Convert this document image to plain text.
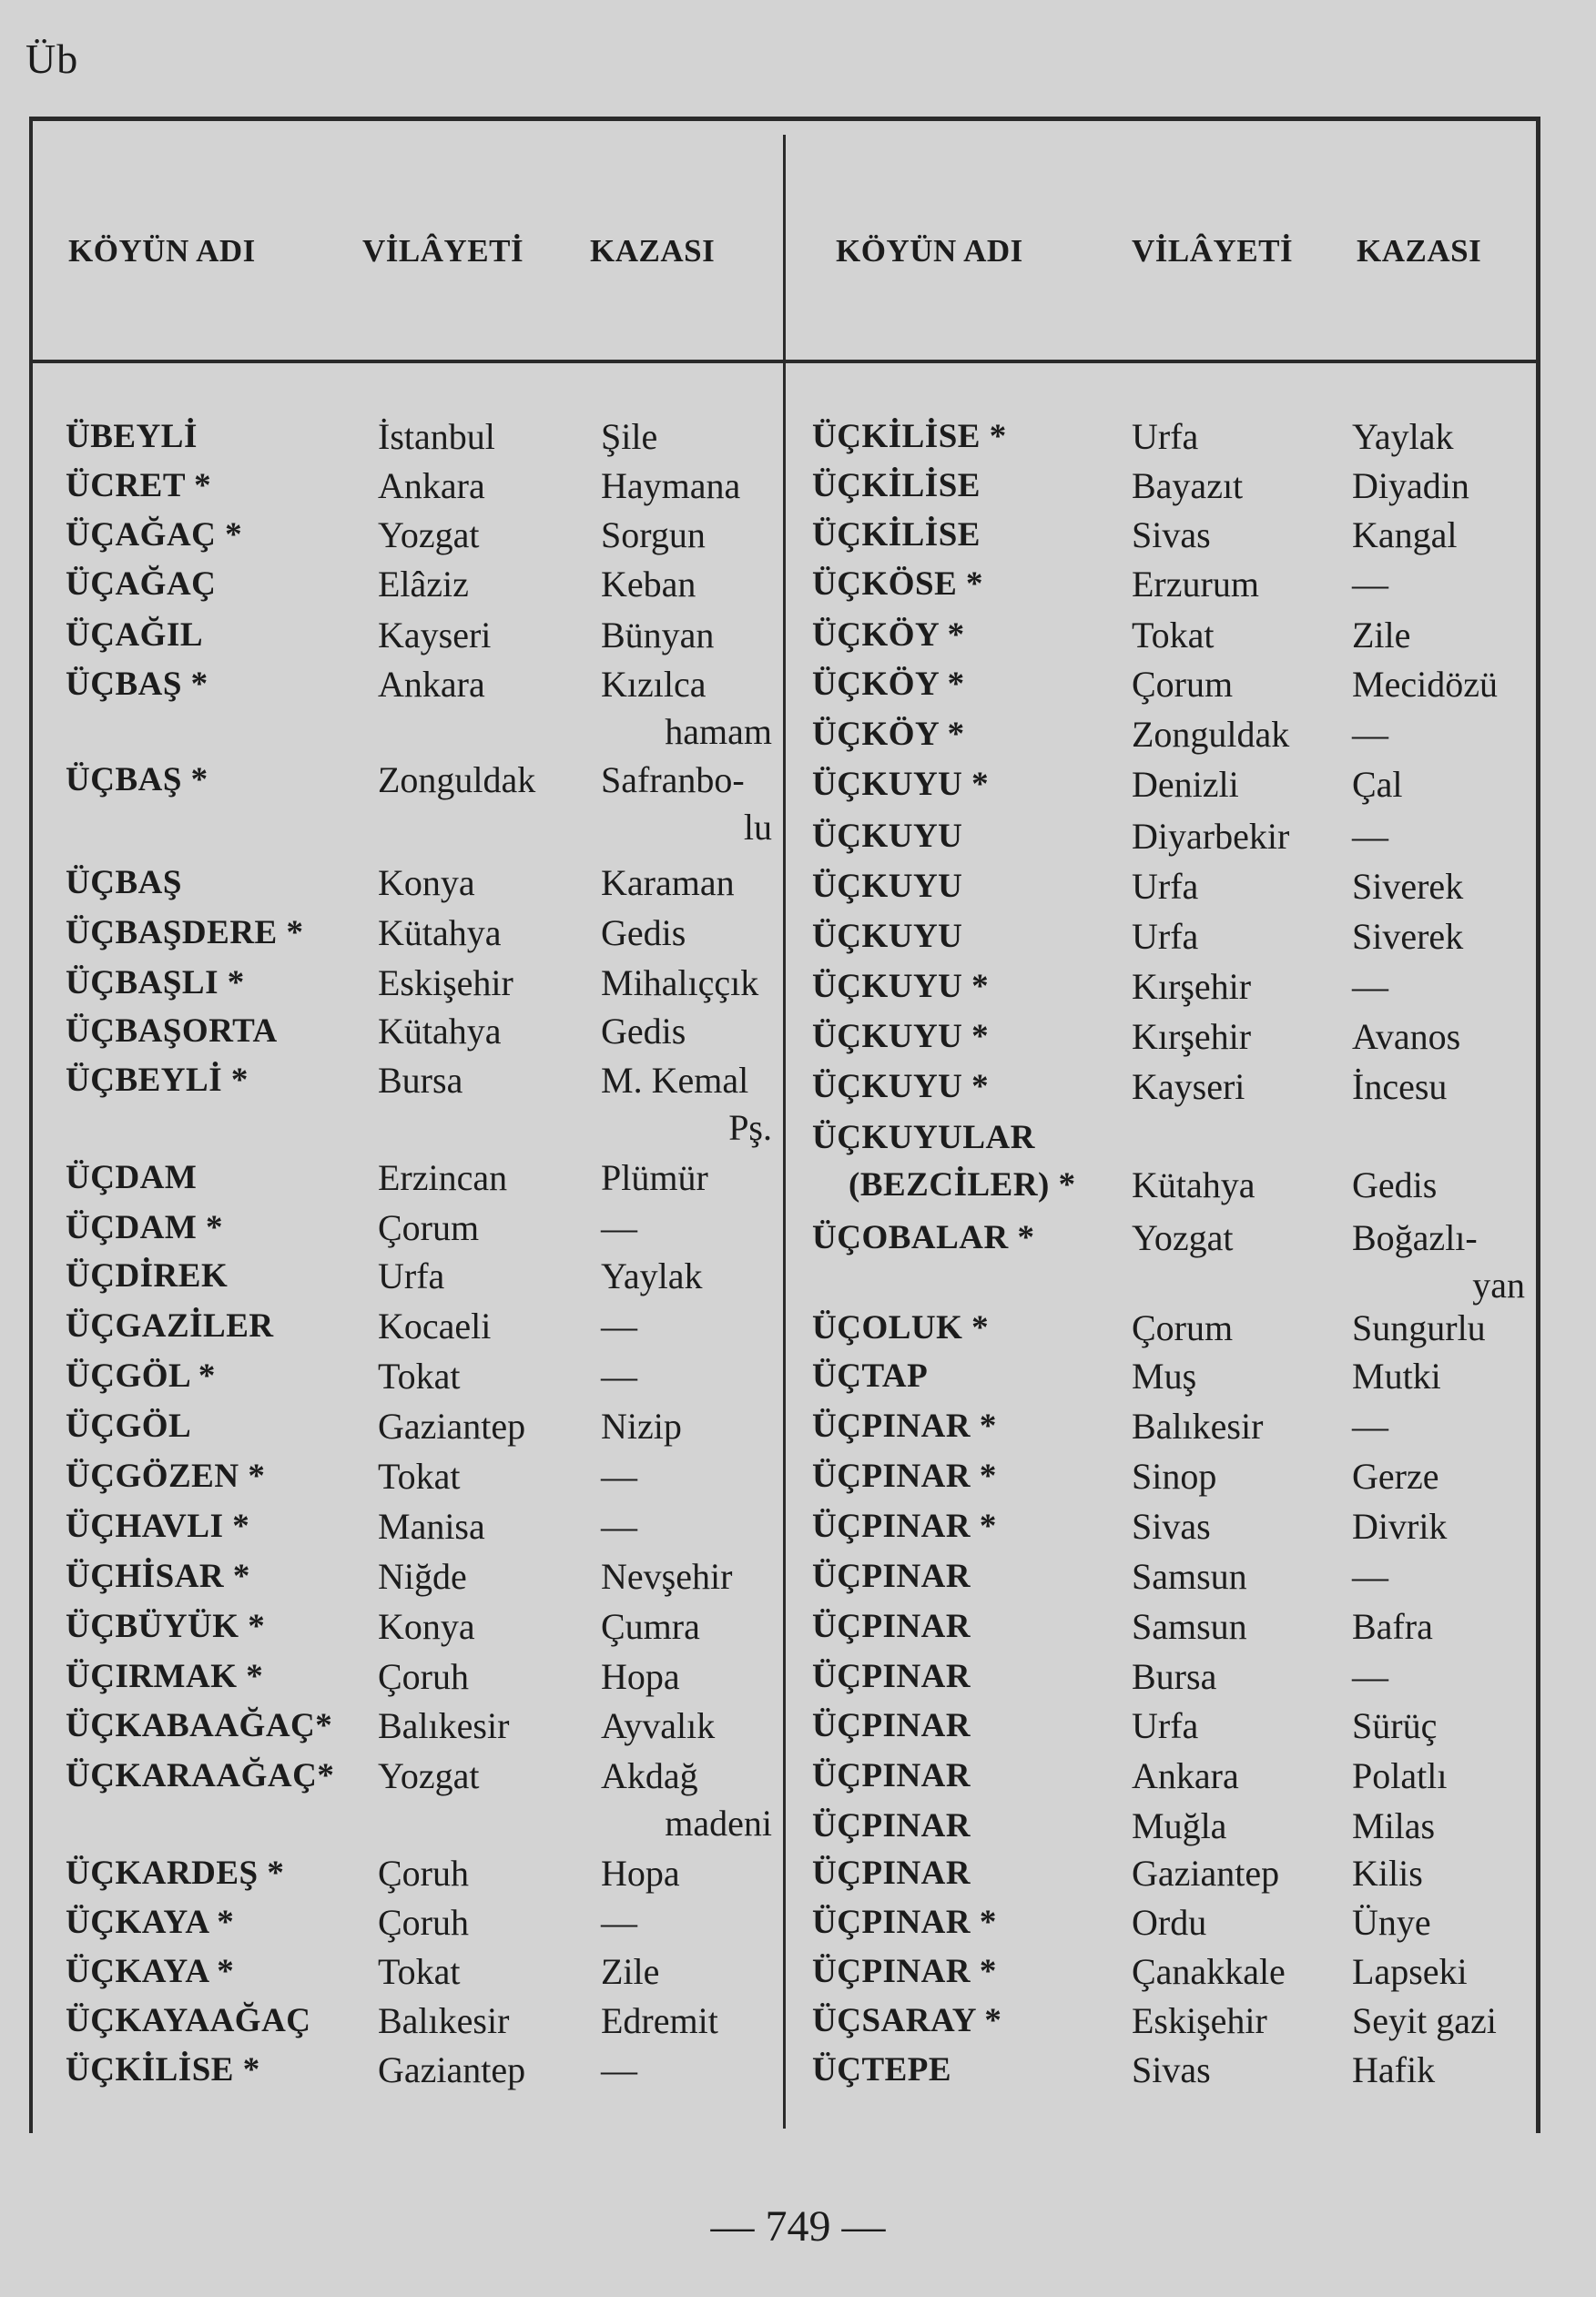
Üb
KÖYÜN ADI	VİLÂYETİ KAZASI	KÖYÜN ADI	VİLÂYETİ KAZASI
ÜBEYLİ	İstanbul	Şile
ÜCRET *	Ankara	Haymana
ÜÇAĞAÇ *	Yozgat	Sorgun
ÜÇAĞAÇ	Elâziz	Keban
ÜÇAĞIL	Kayseri	Bünyan
ÜÇBAŞ *	Ankara	Kızılca
hamam
ÜÇBAŞ *	Zonguldak Safranbo-
lu
ÜÇBAŞ	Konya	Karaman
ÜÇBAŞDERE * Kütahya	Gedis
ÜÇBAŞLI *	Eskişehir Mihalıççık
ÜÇBAŞORTA	Kütahya	Gedis
ÜÇBEYLİ *	Bursa	M. Kemal
Pş.
ÜÇDAM	Erzincan	Plümür
ÜÇDAM *	Çorum	—
ÜÇDİREK	Urfa	Yaylak
ÜÇGAZİLER	Kocaeli	—
ÜÇGÖL *	Tokat	—
ÜÇGÖL	Gaziantep Nizip
ÜÇGÖZEN *	Tokat	—
ÜÇHAVLI *	Manisa	—
ÜÇHİSAR *	Niğde	Nevşehir
ÜÇBÜYÜK *	Konya	Çumra
ÜÇIRMAK *	Çoruh	Hopa
ÜÇKABAAĞAÇ* Balıkesir	Ayvalık
ÜÇKARAAĞAÇ* Yozgat	Akdağ
madeni
ÜÇKARDEŞ *	Çoruh	Hopa
ÜÇKAYA *	Çoruh	—
ÜÇKAYA *	Tokat	Zile
ÜÇKAYAAĞAÇ Balıkesir	Edremit
ÜÇKİLİSE *	Gaziantep —
ÜÇKİLİSE *	Urfa	Yaylak
ÜÇKİLİSE	Bayazıt	Diyadin
ÜÇKİLİSE	Sivas	Kangal
ÜÇKÖSE *	Erzurum	—
ÜÇKÖY *	Tokat	Zile
ÜÇKÖY *	Çorum	Mecidözü
ÜÇKÖY *	Zonguldak —
ÜÇKUYU *	Denizli	Çal
ÜÇKUYU	Diyarbekir —
ÜÇKUYU	Urfa	Siverek
ÜÇKUYU	Urfa	Siverek
ÜÇKUYU *	Kırşehir	—
ÜÇKUYU *	Kırşehir	Avanos
ÜÇKUYU *	Kayseri	İncesu
ÜÇKUYULAR
(BEZCİLER) * Kütahya	Gedis
ÜÇOBALAR *	Yozgat	Boğazlı-
yan
ÜÇOLUK *	Çorum	Sungurlu
ÜÇTAP	Muş	Mutki
ÜÇPINAR *	Balıkesir —
ÜÇPINAR *	Sinop	Gerze
ÜÇPINAR *	Sivas	Divrik
ÜÇPINAR	Samsun	—
ÜÇPINAR	Samsun	Bafra
ÜÇPINAR	Bursa	—
ÜÇPINAR	Urfa	Sürüç
ÜÇPINAR	Ankara	Polatlı
ÜÇPINAR	Muğla	Milas
ÜÇPINAR	Gaziantep Kilis
ÜÇPINAR *	Ordu	Ünye
ÜÇPINAR *	Çanakkale Lapseki
ÜÇSARAY *	Eskişehir Seyit gazi
ÜÇTEPE	Sivas	Hafik
— 749 —
